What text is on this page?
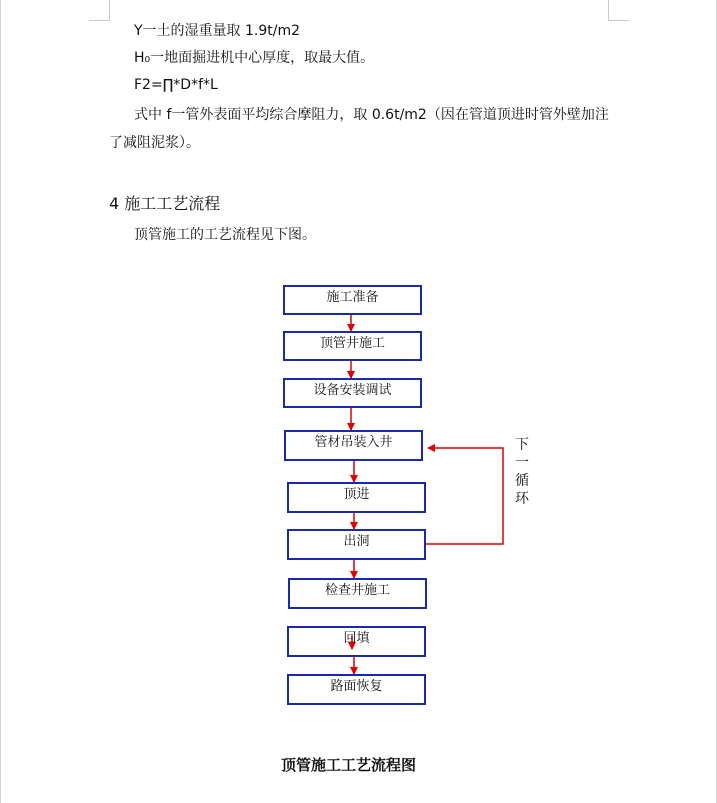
Y一土的湿重量取 1.9t/m2
H₀一地面掘进机中心厚度，取最大值。
F2=∏*D*f*L
式中 f一管外表面平均综合摩阻力，取 0.6t/m2（因在管道顶进时管外壁加注
了减阻泥浆）。
4 施工工艺流程
顶管施工的工艺流程见下图。
施工准备
顶管井施工
设备安装调试
管材吊装入井
顶进
出洞
检查井施工
回填
路面恢复
下一循环
顶管施工工艺流程图
